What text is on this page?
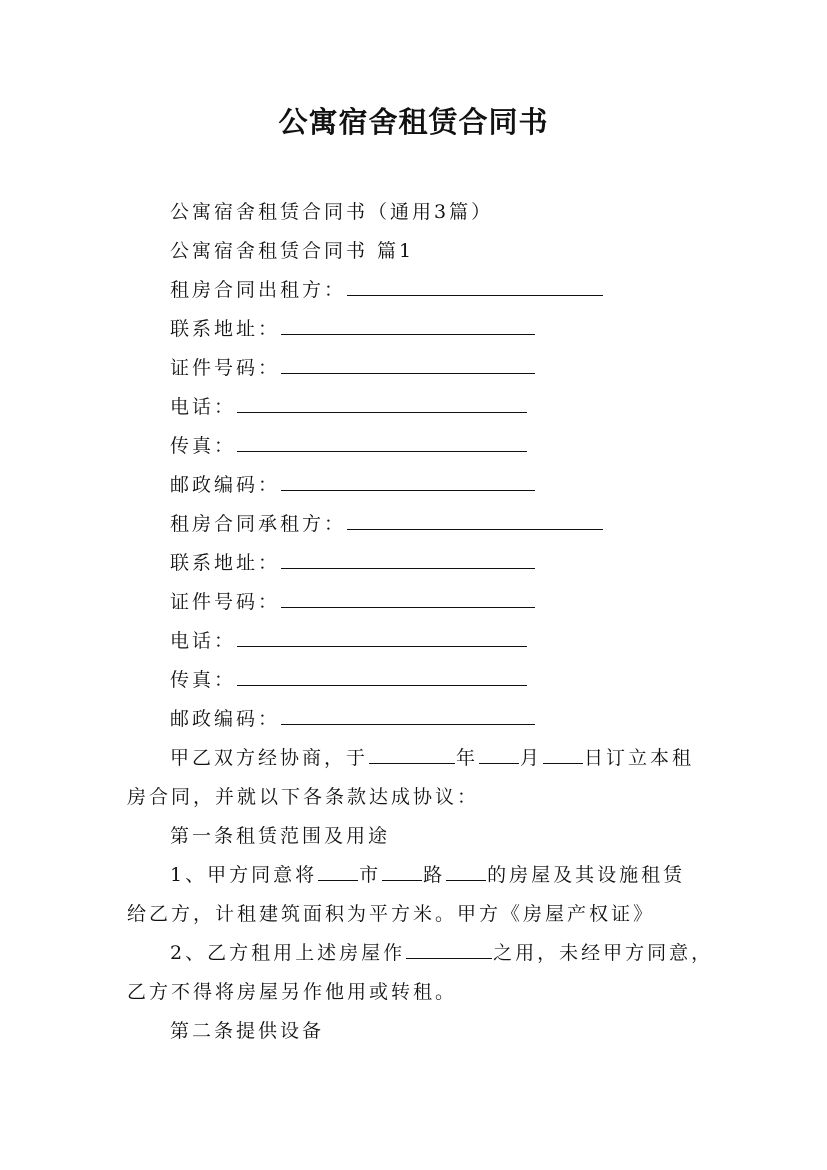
公寓宿舍租赁合同书
公寓宿舍租赁合同书（通用3篇）
公寓宿舍租赁合同书 篇1
租房合同出租方：
联系地址：
证件号码：
电话：
传真：
邮政编码：
租房合同承租方：
联系地址：
证件号码：
电话：
传真：
邮政编码：
甲乙双方经协商，于	年 月 日订立本租
房合同，并就以下各条款达成协议：
第一条租赁范围及用途
1、甲方同意将 市 路 的房屋及其设施租赁
给乙方，计租建筑面积为平方米。甲方《房屋产权证》
2、乙方租用上述房屋作	之用，未经甲方同意，
乙方不得将房屋另作他用或转租。
第二条提供设备
